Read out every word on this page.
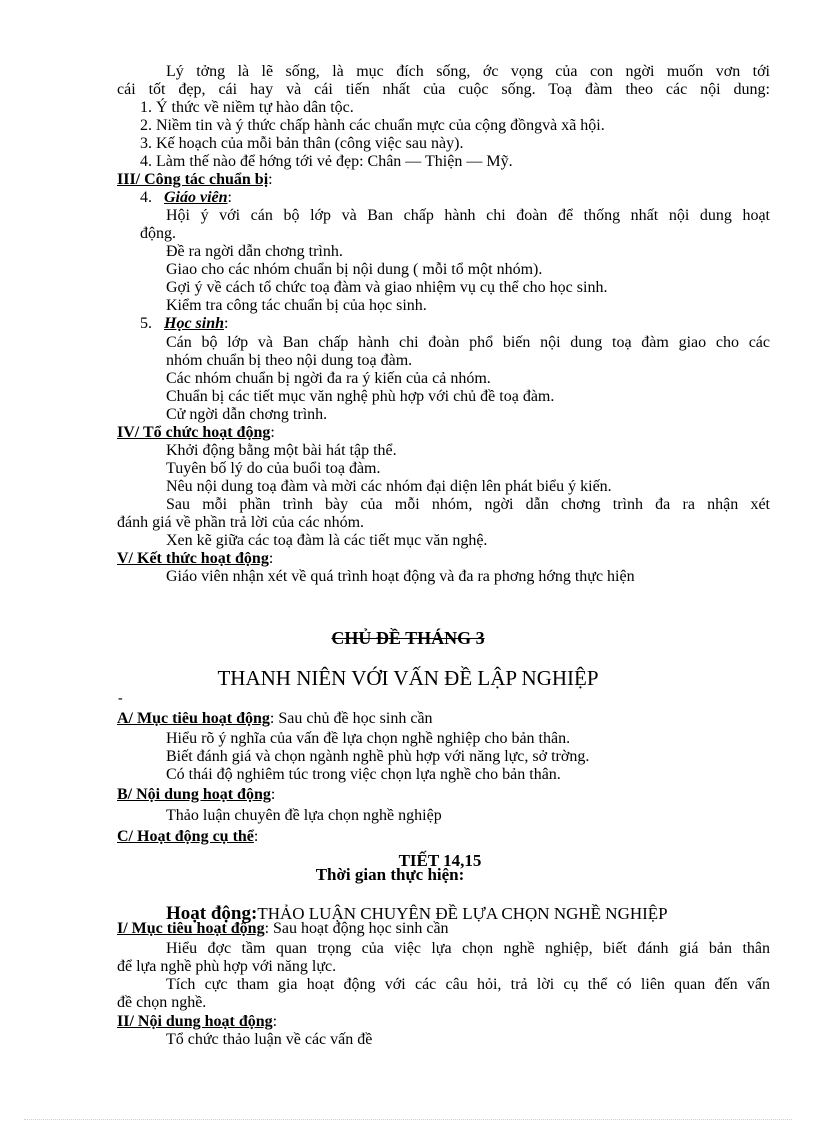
Lý tởng là lẽ sống, là mục đích sống, ớc vọng của con ngời muốn vơn tới
cái tốt đẹp, cái hay và cái tiến nhất của cuộc sống. Toạ đàm theo các nội dung:
1. Ý thức về niềm tự hào dân tộc.
2. Niềm tin và ý thức chấp hành các chuẩn mực của cộng đồngvà xã hội.
3. Kế hoạch của mỗi bản thân (công việc sau này).
4. Làm thế nào để hớng tới vẻ đẹp: Chân — Thiện — Mỹ.
III/ Công tác chuẩn bị:
4. Giáo viên:
Hội ý với cán bộ lớp và Ban chấp hành chi đoàn để thống nhất nội dung hoạt
động.
Đề ra ngời dẫn chơng trình.
Giao cho các nhóm chuẩn bị nội dung ( mỗi tổ một nhóm).
Gợi ý về cách tổ chức toạ đàm và giao nhiệm vụ cụ thể cho học sinh.
Kiểm tra công tác chuẩn bị của học sinh.
5. Học sinh:
Cán bộ lớp và Ban chấp hành chi đoàn phổ biến nội dung toạ đàm giao cho các
nhóm chuẩn bị theo nội dung toạ đàm.
Các nhóm chuẩn bị ngời đa ra ý kiến của cả nhóm.
Chuẩn bị các tiết mục văn nghệ phù hợp với chủ đề toạ đàm.
Cử ngời dẫn chơng trình.
IV/ Tổ chức hoạt động:
Khởi động bằng một bài hát tập thể.
Tuyên bố lý do của buổi toạ đàm.
Nêu nội dung toạ đàm và mời các nhóm đại diện lên phát biểu ý kiến.
Sau mỗi phần trình bày của mỗi nhóm, ngời dẫn chơng trình đa ra nhận xét
đánh giá về phần trả lời của các nhóm.
Xen kẽ giữa các toạ đàm là các tiết mục văn nghệ.
V/ Kết thức hoạt động:
Giáo viên nhận xét về quá trình hoạt động và đa ra phơng hớng thực hiện
CHỦ ĐỀ THÁNG 3
THANH NIÊN VỚI VẤN ĐỀ LẬP NGHIỆP
-
A/ Mục tiêu hoạt động: Sau chủ đề học sinh cần
Hiểu rõ ý nghĩa của vấn đề lựa chọn nghề nghiệp cho bản thân.
Biết đánh giá và chọn ngành nghề phù hợp với năng lực, sở trờng.
Có thái độ nghiêm túc trong việc chọn lựa nghề cho bản thân.
B/ Nội dung hoạt động:
Thảo luận chuyên đề lựa chọn nghề nghiệp
C/ Hoạt động cụ thể:
TIẾT 14,15
Thời gian thực hiện:
Hoạt động:THẢO LUẬN CHUYÊN ĐỀ LỰA CHỌN NGHỀ NGHIỆP
I/ Mục tiêu hoạt động: Sau hoạt động học sinh cần
Hiểu đợc tầm quan trọng của việc lựa chọn nghề nghiệp, biết đánh giá bản thân
để lựa nghề phù hợp với năng lực.
Tích cực tham gia hoạt động với các câu hỏi, trả lời cụ thể có liên quan đến vấn
đề chọn nghề.
II/ Nội dung hoạt động:
Tổ chức thảo luận về các vấn đề
